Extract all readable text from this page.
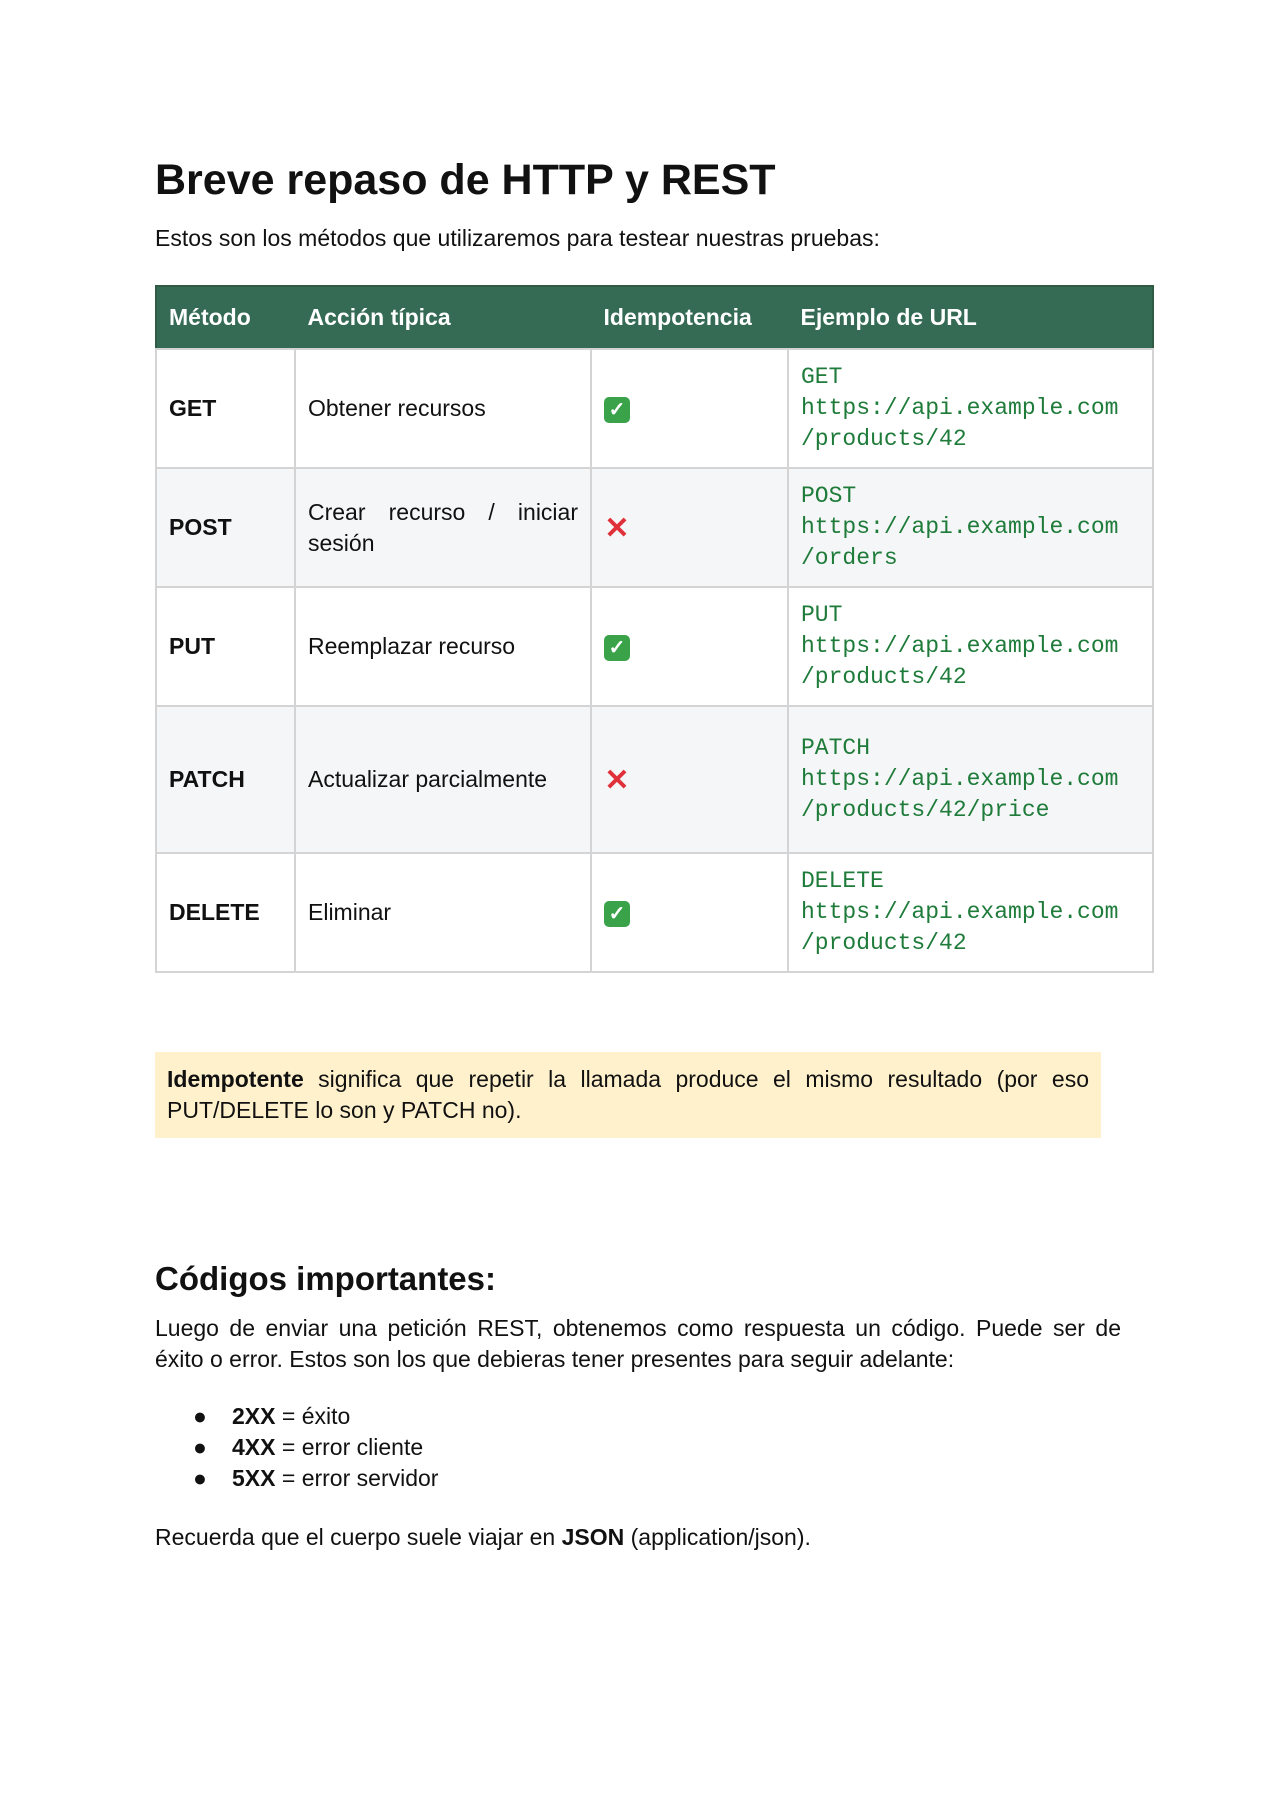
Breve repaso de HTTP y REST

Estos son los métodos que utilizaremos para testear nuestras pruebas:

Método	Acción típica	Idempotencia	Ejemplo de URL
GET	Obtener recursos	✓	GET
https://api.example.com
/products/42
POST	Crear recurso / iniciar sesión	✕	POST
https://api.example.com
/orders
PUT	Reemplazar recurso	✓	PUT
https://api.example.com
/products/42
PATCH	Actualizar parcialmente	✕	PATCH
https://api.example.com
/products/42/price
DELETE	Eliminar	✓	DELETE
https://api.example.com
/products/42
Idempotente significa que repetir la llamada produce el mismo resultado (por eso PUT/DELETE lo son y PATCH no).
Códigos importantes:

Luego de enviar una petición REST, obtenemos como respuesta un código. Puede ser de éxito o error. Estos son los que debieras tener presentes para seguir adelante:

● 2XX = éxito
● 4XX = error cliente
● 5XX = error servidor

Recuerda que el cuerpo suele viajar en JSON (application/json).
